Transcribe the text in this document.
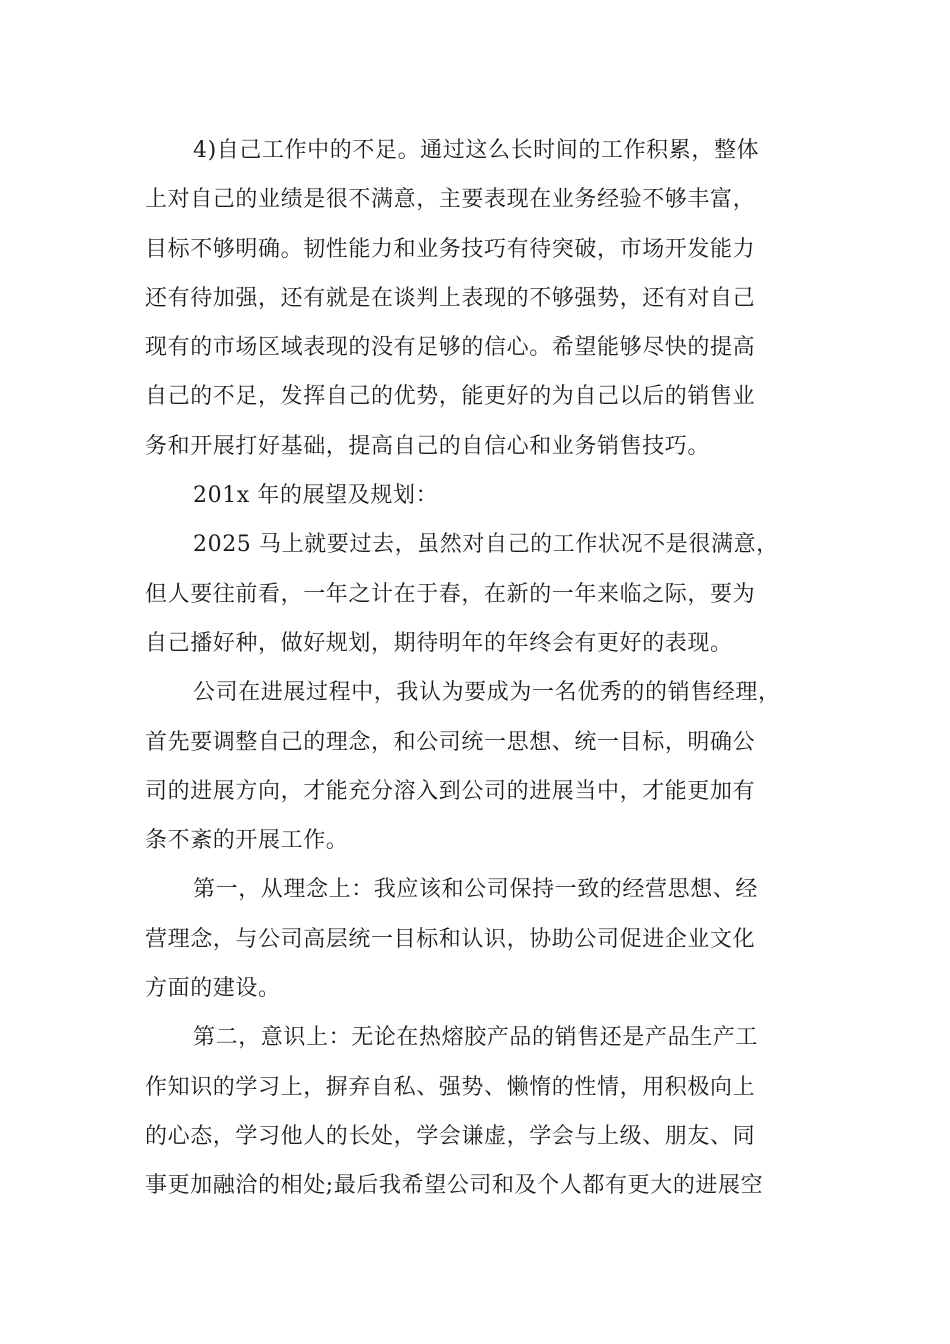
4)自己工作中的不足。通过这么长时间的工作积累，整体
上对自己的业绩是很不满意，主要表现在业务经验不够丰富，
目标不够明确。韧性能力和业务技巧有待突破，市场开发能力
还有待加强，还有就是在谈判上表现的不够强势，还有对自己
现有的市场区域表现的没有足够的信心。希望能够尽快的提高
自己的不足，发挥自己的优势，能更好的为自己以后的销售业
务和开展打好基础，提高自己的自信心和业务销售技巧。
201x 年的展望及规划：
2025 马上就要过去，虽然对自己的工作状况不是很满意，
但人要往前看，一年之计在于春，在新的一年来临之际，要为
自己播好种，做好规划，期待明年的年终会有更好的表现。
公司在进展过程中，我认为要成为一名优秀的的销售经理，
首先要调整自己的理念，和公司统一思想、统一目标，明确公
司的进展方向，才能充分溶入到公司的进展当中，才能更加有
条不紊的开展工作。
第一，从理念上：我应该和公司保持一致的经营思想、经
营理念，与公司高层统一目标和认识，协助公司促进企业文化
方面的建设。
第二，意识上：无论在热熔胶产品的销售还是产品生产工
作知识的学习上，摒弃自私、强势、懒惰的性情，用积极向上
的心态，学习他人的长处，学会谦虚，学会与上级、朋友、同
事更加融洽的相处;最后我希望公司和及个人都有更大的进展空
